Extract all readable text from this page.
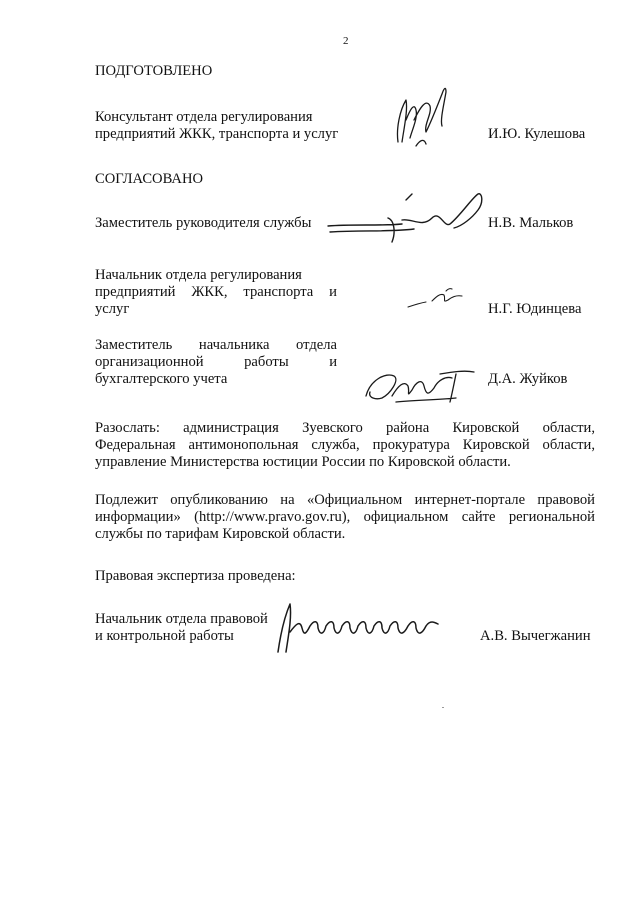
2
ПОДГОТОВЛЕНО
Консультант отдела регулирования
предприятий ЖКК, транспорта и услуг	И.Ю. Кулешова
СОГЛАСОВАНО
Заместитель руководителя службы	Н.В. Мальков
Начальник отдела регулирования
предприятий ЖКК, транспорта и
услуг	Н.Г. Юдинцева
Заместитель начальника отдела
организационной работы и
бухгалтерского учета	Д.А. Жуйков
Разослать: администрация Зуевского района Кировской области,
Федеральная антимонопольная служба, прокуратура Кировской области,
управление Министерства юстиции России по Кировской области.
Подлежит опубликованию на «Официальном интернет-портале правовой
информации» (http://www.pravo.gov.ru), официальном сайте региональной
службы по тарифам Кировской области.
Правовая экспертиза проведена:
Начальник отдела правовой
и контрольной работы	А.В. Вычегжанин
